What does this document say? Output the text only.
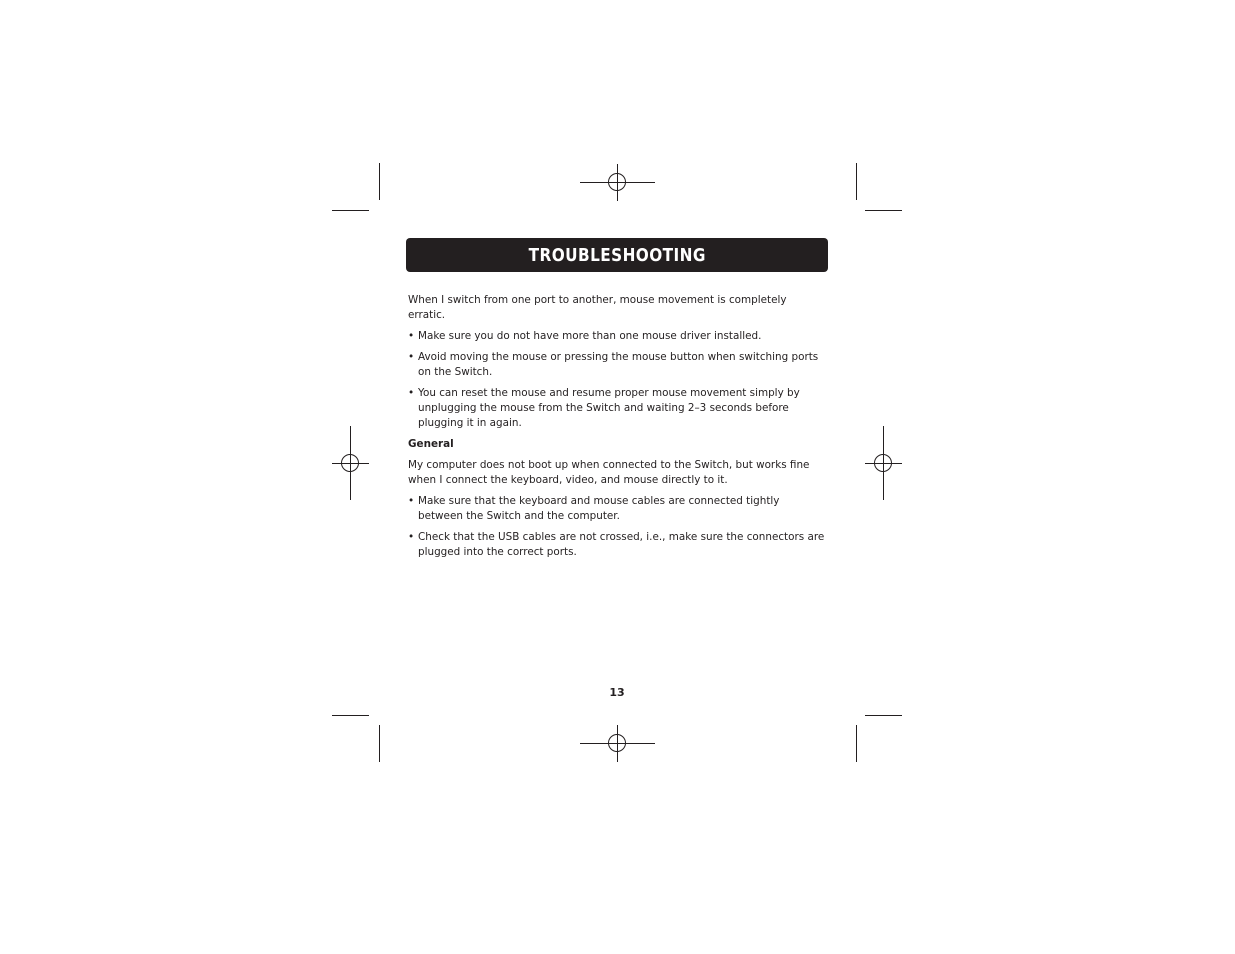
TROUBLESHOOTING

When I switch from one port to another, mouse movement is completely erratic.

• Make sure you do not have more than one mouse driver installed.
• Avoid moving the mouse or pressing the mouse button when switching ports on the Switch.
• You can reset the mouse and resume proper mouse movement simply by unplugging the mouse from the Switch and waiting 2–3 seconds before plugging it in again.
General

My computer does not boot up when connected to the Switch, but works fine when I connect the keyboard, video, and mouse directly to it.

• Make sure that the keyboard and mouse cables are connected tightly between the Switch and the computer.
• Check that the USB cables are not crossed, i.e., make sure the connectors are plugged into the correct ports.
13
